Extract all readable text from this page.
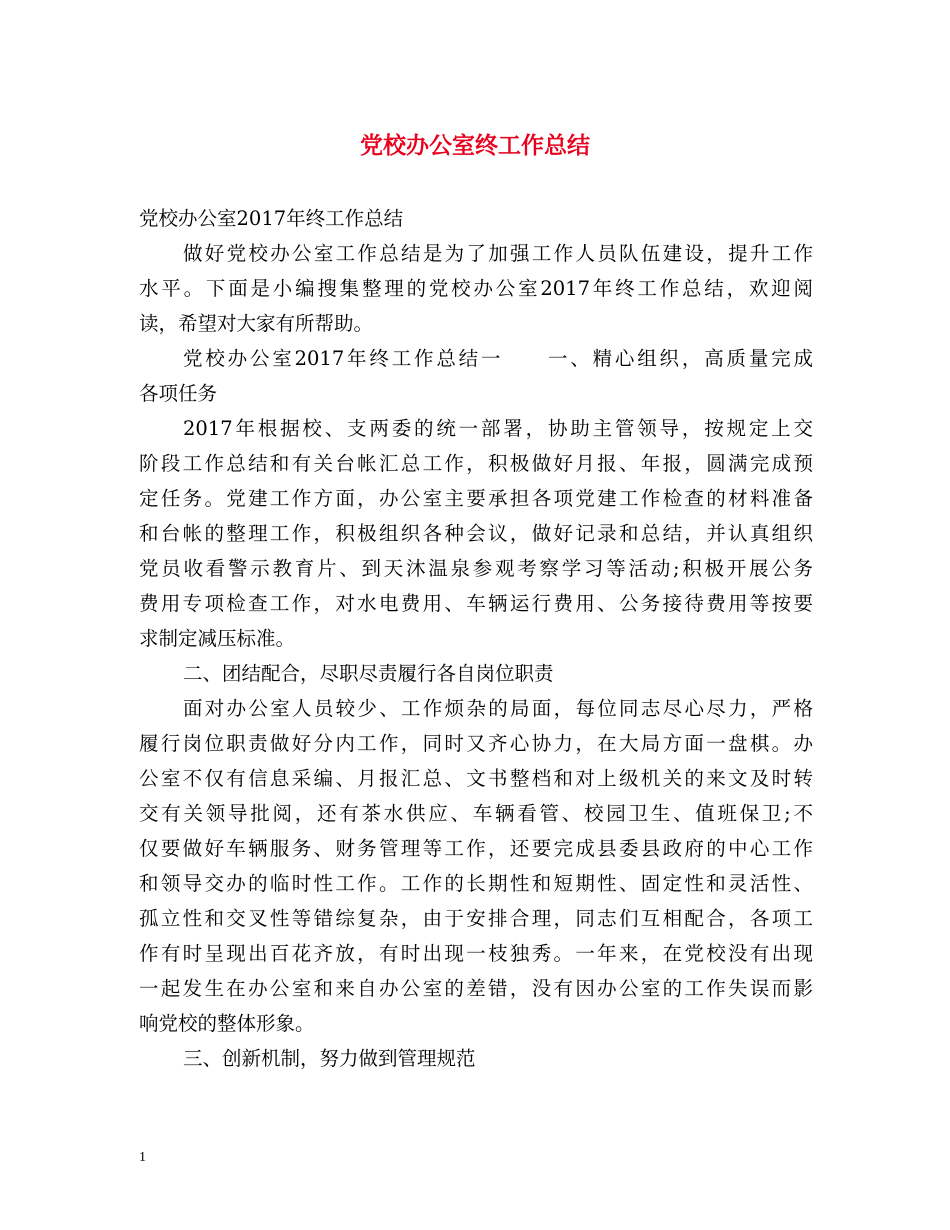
党校办公室终工作总结
党校办公室2017年终工作总结
做好党校办公室工作总结是为了加强工作人员队伍建设，提升工作
水平。下面是小编搜集整理的党校办公室2017年终工作总结，欢迎阅
读，希望对大家有所帮助。
党校办公室2017年终工作总结一　　一、精心组织，高质量完成
各项任务
2017年根据校、支两委的统一部署，协助主管领导，按规定上交
阶段工作总结和有关台帐汇总工作，积极做好月报、年报，圆满完成预
定任务。党建工作方面，办公室主要承担各项党建工作检查的材料准备
和台帐的整理工作，积极组织各种会议，做好记录和总结，并认真组织
党员收看警示教育片、到天沐温泉参观考察学习等活动;积极开展公务
费用专项检查工作，对水电费用、车辆运行费用、公务接待费用等按要
求制定减压标准。
二、团结配合，尽职尽责履行各自岗位职责
面对办公室人员较少、工作烦杂的局面，每位同志尽心尽力，严格
履行岗位职责做好分内工作，同时又齐心协力，在大局方面一盘棋。办
公室不仅有信息采编、月报汇总、文书整档和对上级机关的来文及时转
交有关领导批阅，还有茶水供应、车辆看管、校园卫生、值班保卫;不
仅要做好车辆服务、财务管理等工作，还要完成县委县政府的中心工作
和领导交办的临时性工作。工作的长期性和短期性、固定性和灵活性、
孤立性和交叉性等错综复杂，由于安排合理，同志们互相配合，各项工
作有时呈现出百花齐放，有时出现一枝独秀。一年来，在党校没有出现
一起发生在办公室和来自办公室的差错，没有因办公室的工作失误而影
响党校的整体形象。
三、创新机制，努力做到管理规范
1
